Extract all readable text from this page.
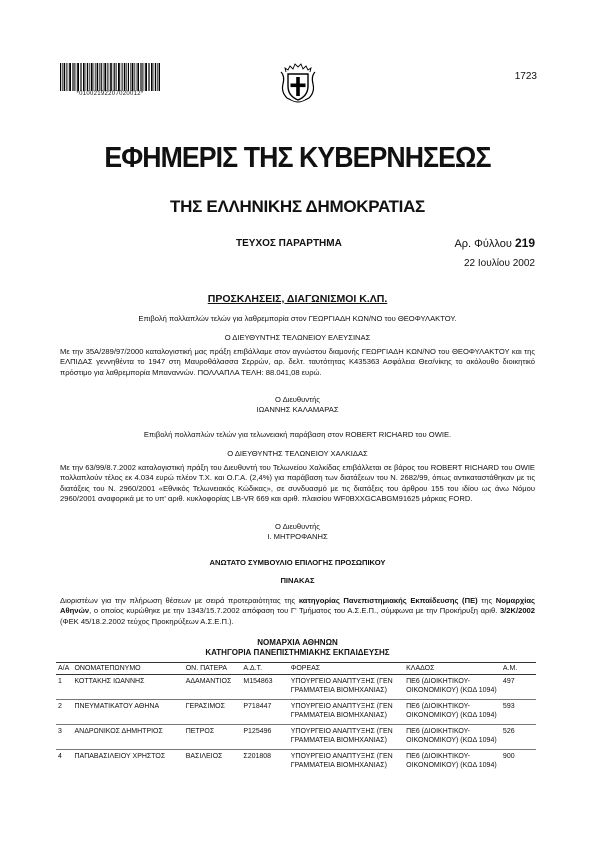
*01002192207020012*
1723
ΕΦΗΜΕΡΙΣ ΤΗΣ ΚΥΒΕΡΝΗΣΕΩΣ
ΤΗΣ ΕΛΛΗΝΙΚΗΣ ΔΗΜΟΚΡΑΤΙΑΣ
ΤΕΥΧΟΣ ΠΑΡΑΡΤΗΜΑ	Αρ. Φύλλου 219
22 Ιουλίου 2002
ΠΡΟΣΚΛΗΣΕΙΣ, ΔΙΑΓΩΝΙΣΜΟΙ Κ.ΛΠ.
Επιβολή πολλαπλών τελών για λαθρεμπορία στον ΓΕΩΡΓΙΑΔΗ ΚΩΝ/ΝΟ του ΘΕΟΦΥΛΑΚΤΟΥ.
Ο ΔΙΕΥΘΥΝΤΗΣ ΤΕΛΩΝΕΙΟΥ ΕΛΕΥΣΙΝΑΣ
Με την 35Α/289/97/2000 καταλογιστική μας πράξη επιβάλλαμε στον αγνώστου διαμονής ΓΕΩΡΓΙΑΔΗ ΚΩΝ/ΝΟ του ΘΕΟΦΥΛΑΚΤΟΥ και της ΕΛΠΙΔΑΣ γεννηθέντα το 1947 στη Μαυροθάλασσα Σερρών, αρ. δελτ. ταυτότητας Κ435363 Ασφάλεια Θεσ/νίκης το ακόλουθο διοικητικό πρόστιμο για λαθρεμπορία Μπαναννών. ΠΟΛΛΑΠΛΑ ΤΕΛΗ: 88.041,08 ευρώ.
Ο Διευθυντής
ΙΩΑΝΝΗΣ ΚΑΛΑΜΑΡΑΣ
Επιβολή πολλαπλών τελών για τελωνειακή παράβαση στον ROBERT RICHARD του OWIE.
Ο ΔΙΕΥΘΥΝΤΗΣ ΤΕΛΩΝΕΙΟΥ ΧΑΛΚΙΔΑΣ
Με την 63/99/8.7.2002 καταλογιστική πράξη του Διευθυντή του Τελωνείου Χαλκίδας επιβάλλεται σε βάρος του ROBERT RICHARD του OWIE πολλαπλούν τέλος εκ 4.034 ευρώ πλέον Τ.Χ. και Ο.Γ.Α. (2,4%) για παράβαση των διατάξεων του Ν. 2682/99, όπως αντικαταστάθηκαν με τις διατάξεις του Ν. 2960/2001 «Εθνικός Τελωνειακός Κώδικας», σε συνδυασμό με τις διατάξεις του άρθρου 155 του ιδίου ως άνω Νόμου 2960/2001 αναφορικά με το υπ' αριθ. κυκλοφορίας LB-VR 669 και αριθ. πλαισίου WF0BXXGCABGM91625 μάρκας FORD.
Ο Διευθυντής
Ι. ΜΗΤΡΟΦΑΝΗΣ
ΑΝΩΤΑΤΟ ΣΥΜΒΟΥΛΙΟ ΕΠΙΛΟΓΗΣ ΠΡΟΣΩΠΙΚΟΥ
ΠΙΝΑΚΑΣ
Διοριστέων για την πλήρωση θέσεων με σειρά προτεραιότητας της κατηγορίας Πανεπιστημιακής Εκπαίδευσης (ΠΕ) της Νομαρχίας Αθηνών, ο οποίος κυρώθηκε με την 1343/15.7.2002 απόφαση του Γ' Τμήματος του Α.Σ.Ε.Π., σύμφωνα με την Προκήρυξη αριθ. 3/2Κ/2002 (ΦΕΚ 45/18.2.2002 τεύχος Προκηρύξεων Α.Σ.Ε.Π.).
ΝΟΜΑΡΧΙΑ ΑΘΗΝΩΝ
ΚΑΤΗΓΟΡΙΑ ΠΑΝΕΠΙΣΤΗΜΙΑΚΗΣ ΕΚΠΑΙΔΕΥΣΗΣ
Α/Α	ΟΝΟΜΑΤΕΠΩΝΥΜΟ	ΟΝ. ΠΑΤΕΡΑ	Α.Δ.Τ.	ΦΟΡΕΑΣ	ΚΛΑΔΟΣ	Α.Μ.
1	ΚΟΤΤΑΚΗΣ ΙΩΑΝΝΗΣ	ΑΔΑΜΑΝΤΙΟΣ	Μ154863	ΥΠΟΥΡΓΕΙΟ ΑΝΑΠΤΥΞΗΣ (ΓΕΝ ΓΡΑΜΜΑΤΕΙΑ ΒΙΟΜΗΧΑΝΙΑΣ)	ΠΕ6 (ΔΙΟΙΚΗΤΙΚΟΥ-ΟΙΚΟΝΟΜΙΚΟΥ) (ΚΩΔ 1094)	497
2	ΠΝΕΥΜΑΤΙΚΑΤΟΥ ΑΘΗΝΑ	ΓΕΡΑΣΙΜΟΣ	Ρ718447	ΥΠΟΥΡΓΕΙΟ ΑΝΑΠΤΥΞΗΣ (ΓΕΝ ΓΡΑΜΜΑΤΕΙΑ ΒΙΟΜΗΧΑΝΙΑΣ)	ΠΕ6 (ΔΙΟΙΚΗΤΙΚΟΥ-ΟΙΚΟΝΟΜΙΚΟΥ) (ΚΩΔ 1094)	593
3	ΑΝΔΡΩΝΙΚΟΣ ΔΗΜΗΤΡΙΟΣ	ΠΕΤΡΟΣ	Ρ125496	ΥΠΟΥΡΓΕΙΟ ΑΝΑΠΤΥΞΗΣ (ΓΕΝ ΓΡΑΜΜΑΤΕΙΑ ΒΙΟΜΗΧΑΝΙΑΣ)	ΠΕ6 (ΔΙΟΙΚΗΤΙΚΟΥ-ΟΙΚΟΝΟΜΙΚΟΥ) (ΚΩΔ 1094)	526
4	ΠΑΠΑΒΑΣΙΛΕΙΟΥ ΧΡΗΣΤΟΣ	ΒΑΣΙΛΕΙΟΣ	Σ201808	ΥΠΟΥΡΓΕΙΟ ΑΝΑΠΤΥΞΗΣ (ΓΕΝ ΓΡΑΜΜΑΤΕΙΑ ΒΙΟΜΗΧΑΝΙΑΣ)	ΠΕ6 (ΔΙΟΙΚΗΤΙΚΟΥ-ΟΙΚΟΝΟΜΙΚΟΥ) (ΚΩΔ 1094)	900
